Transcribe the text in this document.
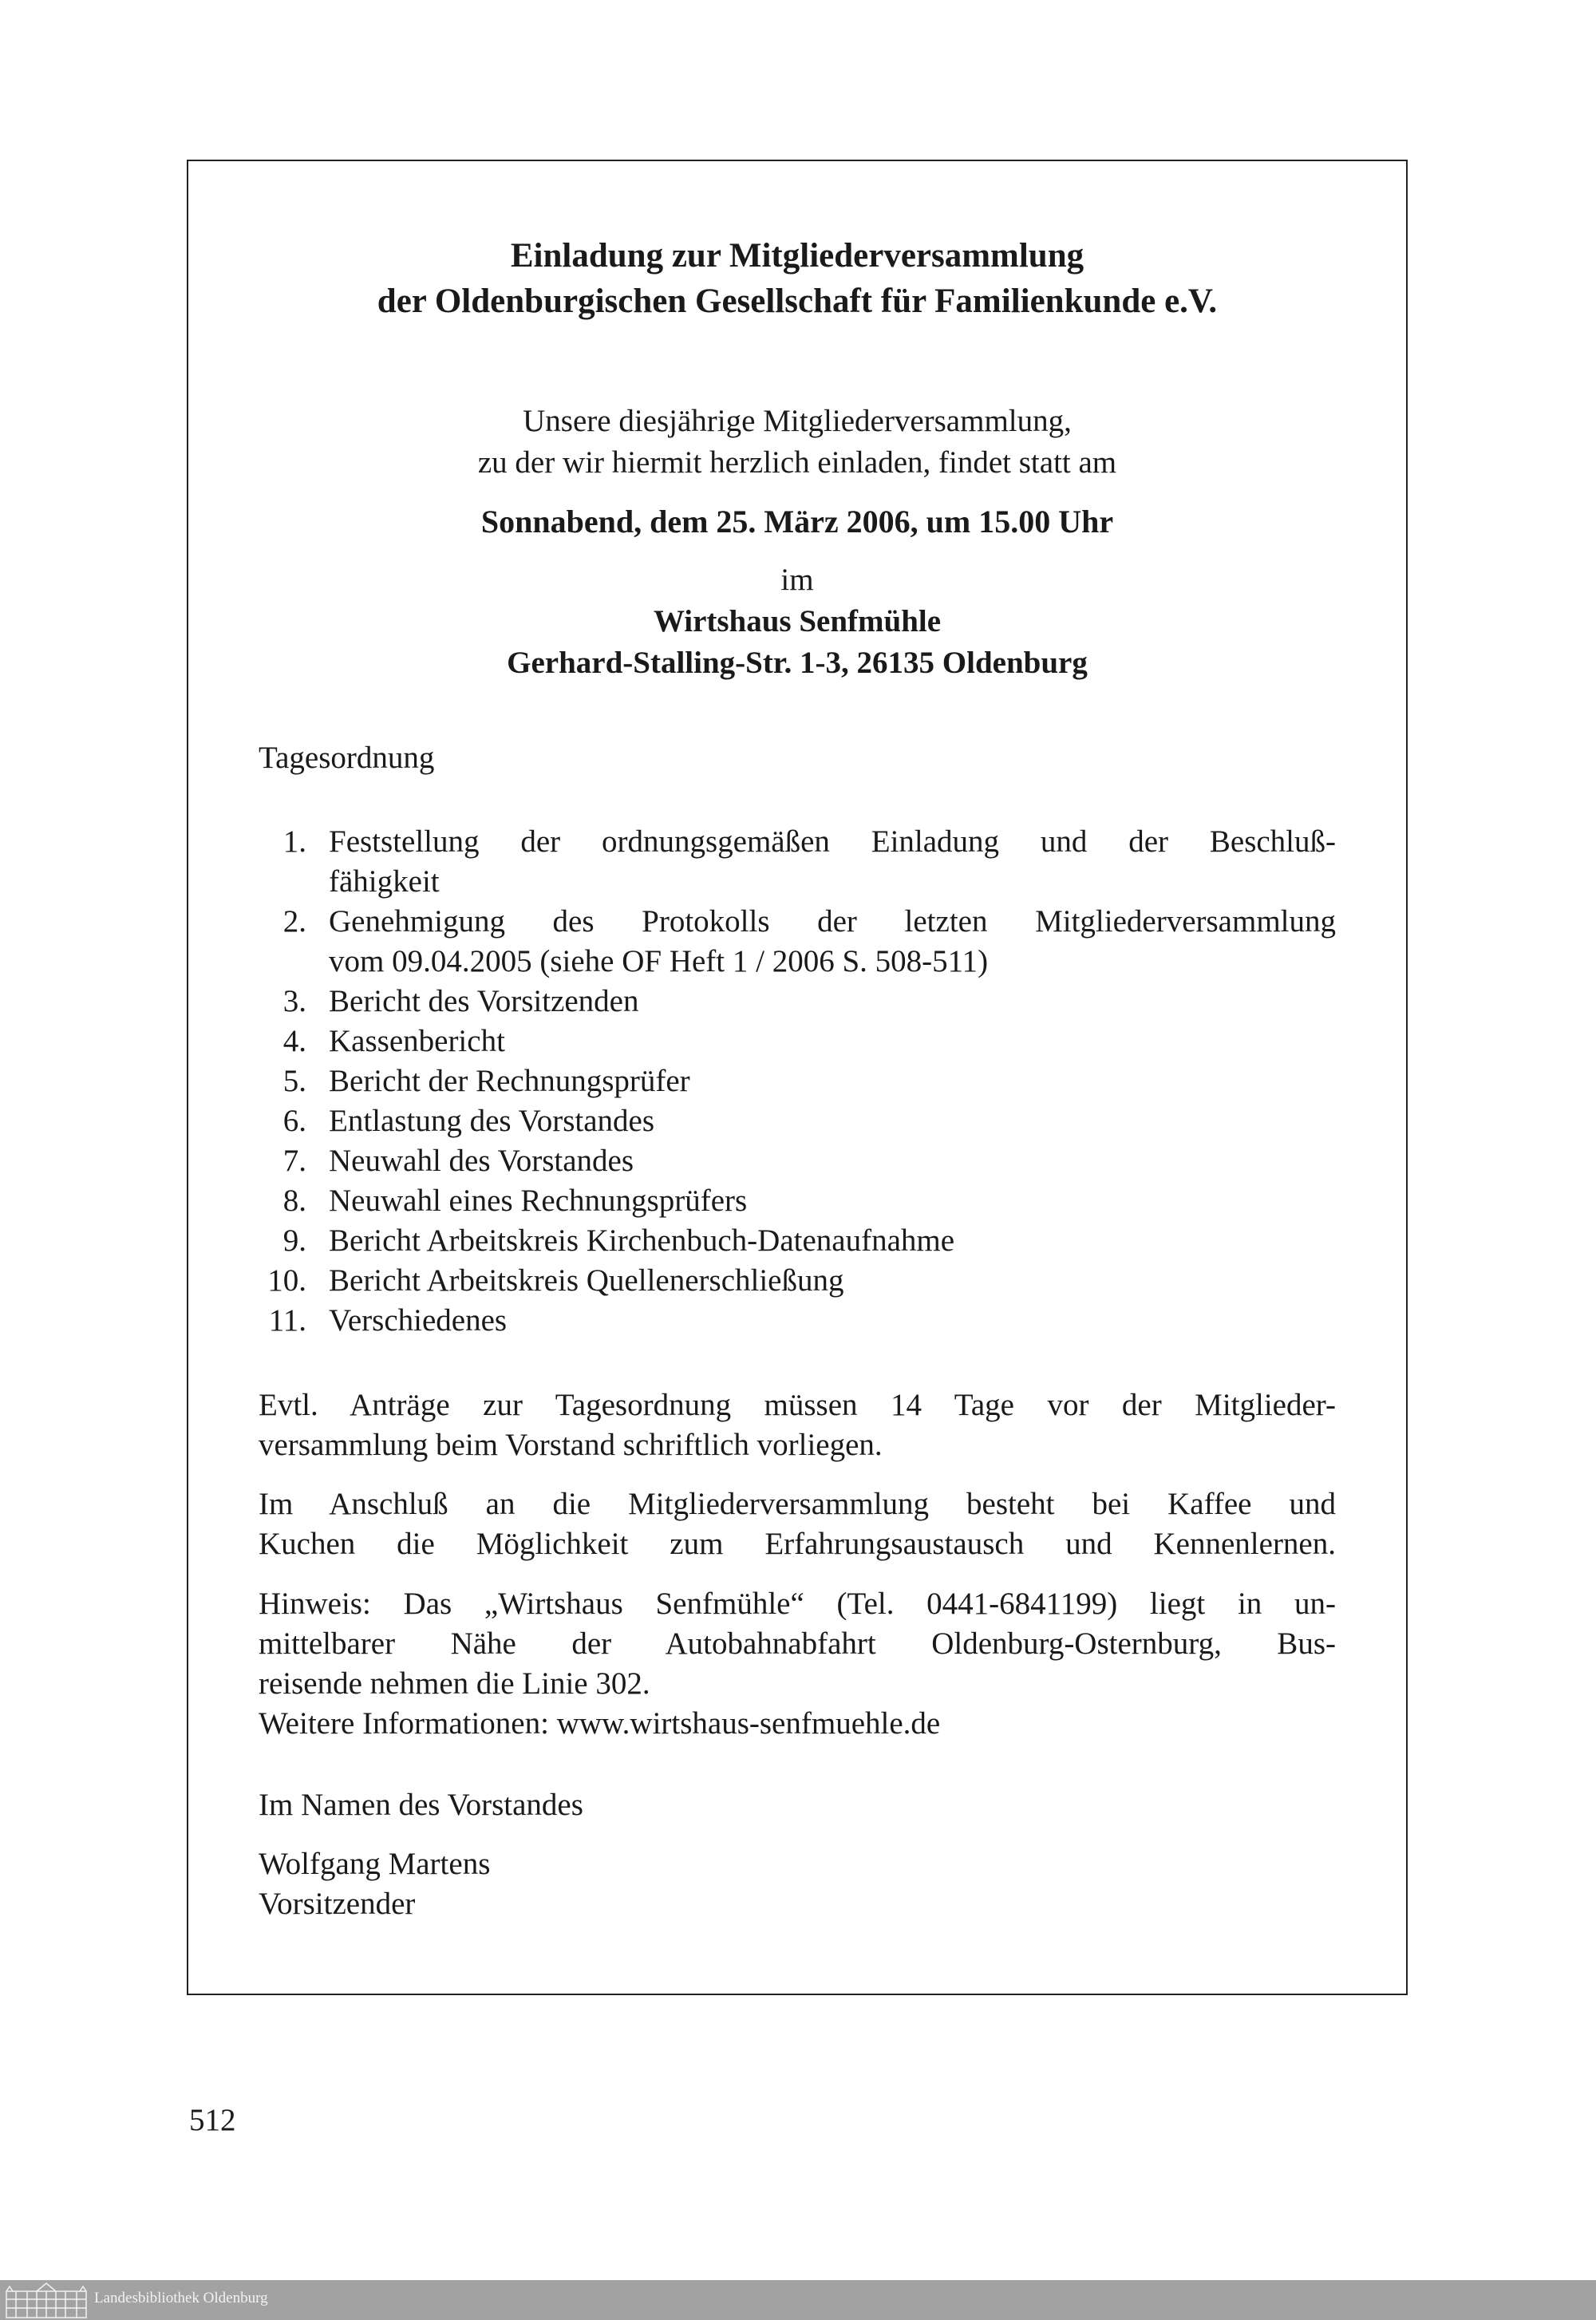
Einladung zur Mitgliederversammlung
der Oldenburgischen Gesellschaft für Familienkunde e.V.
Unsere diesjährige Mitgliederversammlung,
zu der wir hiermit herzlich einladen, findet statt am
Sonnabend, dem 25. März 2006, um 15.00 Uhr
im
Wirtshaus Senfmühle
Gerhard-Stalling-Str. 1-3, 26135 Oldenburg
Tagesordnung
1. Feststellung der ordnungsgemäßen Einladung und der Beschluß-
fähigkeit
2. Genehmigung des Protokolls der letzten Mitgliederversammlung
vom 09.04.2005 (siehe OF Heft 1 / 2006 S. 508-511)
3. Bericht des Vorsitzenden
4. Kassenbericht
5. Bericht der Rechnungsprüfer
6. Entlastung des Vorstandes
7. Neuwahl des Vorstandes
8. Neuwahl eines Rechnungsprüfers
9. Bericht Arbeitskreis Kirchenbuch-Datenaufnahme
10. Bericht Arbeitskreis Quellenerschließung
11. Verschiedenes
Evtl. Anträge zur Tagesordnung müssen 14 Tage vor der Mitglieder-
versammlung beim Vorstand schriftlich vorliegen.
Im Anschluß an die Mitgliederversammlung besteht bei Kaffee und
Kuchen die Möglichkeit zum Erfahrungsaustausch und Kennenlernen.
Hinweis: Das „Wirtshaus Senfmühle“ (Tel. 0441-6841199) liegt in un-
mittelbarer Nähe der Autobahnabfahrt Oldenburg-Osternburg, Bus-
reisende nehmen die Linie 302.
Weitere Informationen: www.wirtshaus-senfmuehle.de
Im Namen des Vorstandes
Wolfgang Martens
Vorsitzender
512
Landesbibliothek Oldenburg
